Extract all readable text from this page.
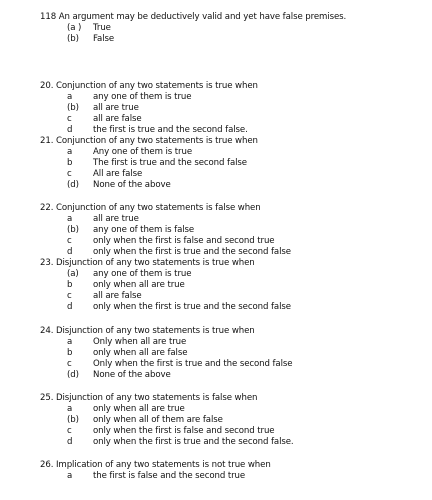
118 An argument may be deductively valid and yet have false premises.
(a )	True
(b)	False
20. Conjunction of any two statements is true when
a	any one of them is true
(b)	all are true
c	all are false
d	the first is true and the second false.
21. Conjunction of any two statements is true when
a	Any one of them is true
b	The first is true and the second false
c	All are false
(d)	None of the above
22. Conjunction of any two statements is false when
a	all are true
(b)	any one of them is false
c	only when the first is false and second true
d	only when the first is true and the second false
23. Disjunction of any two statements is true when
(a)	any one of them is true
b	only when all are true
c	all are false
d	only when the first is true and the second false
24. Disjunction of any two statements is true when
a	Only when all are true
b	only when all are false
c	Only when the first is true and the second false
(d)	None of the above
25. Disjunction of any two statements is false when
a	only when all are true
(b)	only when all of them are false
c	only when the first is false and second true
d	only when the first is true and the second false.
26. Implication of any two statements is not true when
a	the first is false and the second true
